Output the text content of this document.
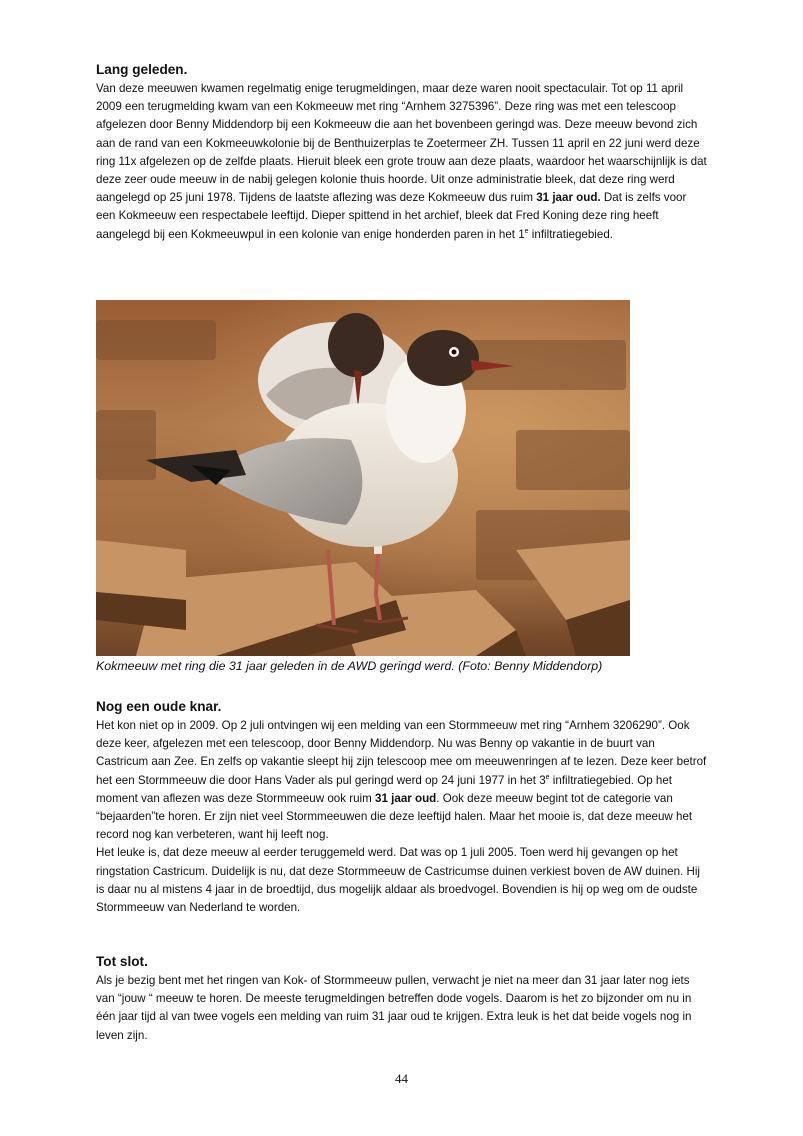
Lang geleden.

Van deze meeuwen kwamen regelmatig enige terugmeldingen, maar deze waren nooit spectaculair. Tot op 11 april 2009 een terugmelding kwam van een Kokmeeuw met ring “Arnhem 3275396”. Deze ring was met een telescoop afgelezen door Benny Middendorp bij een Kokmeeuw die aan het bovenbeen geringd was. Deze meeuw bevond zich aan de rand van een Kokmeeuwkolonie bij de Benthuizerplas te Zoetermeer ZH. Tussen 11 april en 22 juni werd deze ring 11x afgelezen op de zelfde plaats. Hieruit bleek een grote trouw aan deze plaats, waardoor het waarschijnlijk is dat deze zeer oude meeuw in de nabij gelegen kolonie thuis hoorde. Uit onze administratie bleek, dat deze ring werd aangelegd op 25 juni 1978. Tijdens de laatste aflezing was deze Kokmeeuw dus ruim 31 jaar oud. Dat is zelfs voor een Kokmeeuw een respectabele leeftijd. Dieper spittend in het archief, bleek dat Fred Koning deze ring heeft aangelegd bij een Kokmeeuwpul in een kolonie van enige honderden paren in het 1e infiltratiegebied.

Kokmeeuw met ring die 31 jaar geleden in de AWD geringd werd. (Foto: Benny Middendorp)
Nog een oude knar.

Het kon niet op in 2009. Op 2 juli ontvingen wij een melding van een Stormmeeuw met ring “Arnhem 3206290”. Ook deze keer, afgelezen met een telescoop, door Benny Middendorp. Nu was Benny op vakantie in de buurt van Castricum aan Zee. En zelfs op vakantie sleept hij zijn telescoop mee om meeuwenringen af te lezen. Deze keer betrof het een Stormmeeuw die door Hans Vader als pul geringd werd op 24 juni 1977 in het 3e infiltratiegebied. Op het moment van aflezen was deze Stormmeeuw ook ruim 31 jaar oud. Ook deze meeuw begint tot de categorie van “bejaarden”te horen. Er zijn niet veel Stormmeeuwen die deze leeftijd halen. Maar het mooie is, dat deze meeuw het record nog kan verbeteren, want hij leeft nog.

Het leuke is, dat deze meeuw al eerder teruggemeld werd. Dat was op 1 juli 2005. Toen werd hij gevangen op het ringstation Castricum. Duidelijk is nu, dat deze Stormmeeuw de Castricumse duinen verkiest boven de AW duinen. Hij is daar nu al mistens 4 jaar in de broedtijd, dus mogelijk aldaar als broedvogel. Bovendien is hij op weg om de oudste Stormmeeuw van Nederland te worden.

Tot slot.

Als je bezig bent met het ringen van Kok- of Stormmeeuw pullen, verwacht je niet na meer dan 31 jaar later nog iets van “jouw “ meeuw te horen. De meeste terugmeldingen betreffen dode vogels. Daarom is het zo bijzonder om nu in één jaar tijd al van twee vogels een melding van ruim 31 jaar oud te krijgen. Extra leuk is het dat beide vogels nog in leven zijn.

44
